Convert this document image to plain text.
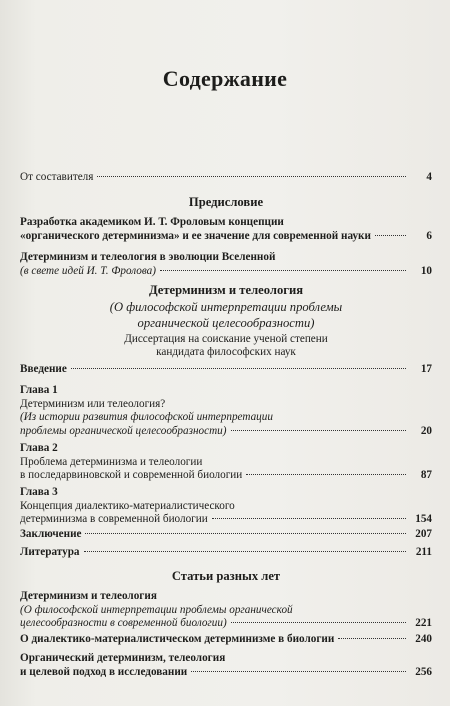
Содержание
От составителя	4
Предисловие
Разработка академиком И. Т. Фроловым концепции
«органического детерминизма» и ее значение для современной науки	6
Детерминизм и телеология в эволюции Вселенной
(в свете идей И. Т. Фролова)	10
Детерминизм и телеология
(О философской интерпретации проблемы
органической целесообразности)
Диссертация на соискание ученой степени
кандидата философских наук
Введение	17
Глава 1
Детерминизм или телеология?
(Из истории развития философской интерпретации
проблемы органической целесообразности)	20
Глава 2
Проблема детерминизма и телеологии
в последарвиновской и современной биологии	87
Глава 3
Концепция диалектико-материалистического
детерминизма в современной биологии	154
Заключение	207
Литература	211
Статьи разных лет
Детерминизм и телеология
(О философской интерпретации проблемы органической
целесообразности в современной биологии)	221
О диалектико-материалистическом детерминизме в биологии	240
Органический детерминизм, телеология
и целевой подход в исследовании	256
